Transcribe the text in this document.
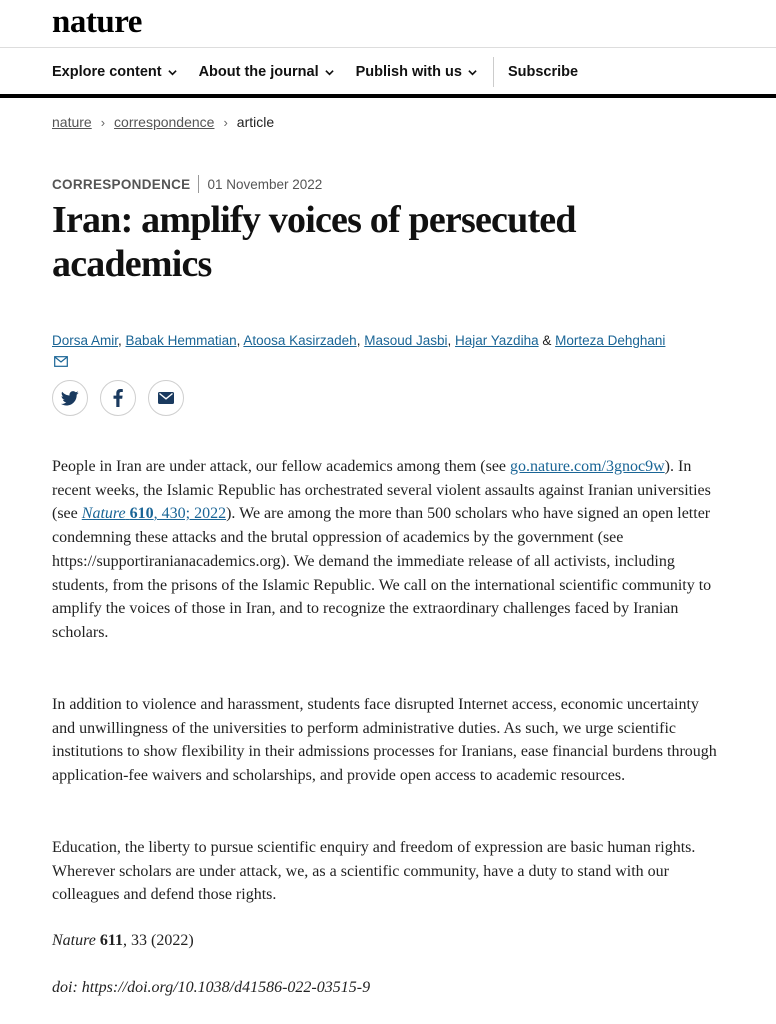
nature
Explore content	About the journal	Publish with us	Subscribe
nature › correspondence › article
CORRESPONDENCE 01 November 2022
Iran: amplify voices of persecuted academics
Dorsa Amir, Babak Hemmatian, Atoosa Kasirzadeh, Masoud Jasbi, Hajar Yazdiha & Morteza Dehghani

People in Iran are under attack, our fellow academics among them (see go.nature.com/3gnoc9w). In recent weeks, the Islamic Republic has orchestrated several violent assaults against Iranian universities (see Nature 610, 430; 2022). We are among the more than 500 scholars who have signed an open letter condemning these attacks and the brutal oppression of academics by the government (see https://supportiranianacademics.org). We demand the immediate release of all activists, including students, from the prisons of the Islamic Republic. We call on the international scientific community to amplify the voices of those in Iran, and to recognize the extraordinary challenges faced by Iranian scholars.

In addition to violence and harassment, students face disrupted Internet access, economic uncertainty and unwillingness of the universities to perform administrative duties. As such, we urge scientific institutions to show flexibility in their admissions processes for Iranians, ease financial burdens through application-fee waivers and scholarships, and provide open access to academic resources.

Education, the liberty to pursue scientific enquiry and freedom of expression are basic human rights. Wherever scholars are under attack, we, as a scientific community, have a duty to stand with our colleagues and defend those rights.

Nature 611, 33 (2022)
doi: https://doi.org/10.1038/d41586-022-03515-9
